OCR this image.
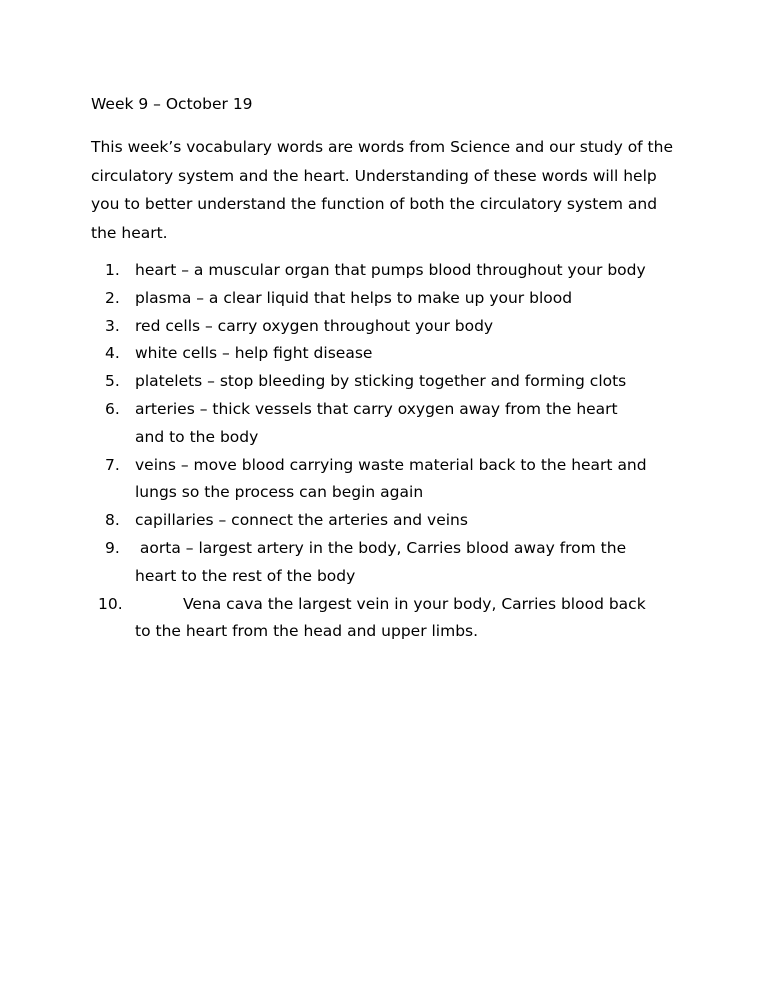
Week 9 – October 19
This week’s vocabulary words are words from Science and our study of the circulatory system and the heart. Understanding of these words will help you to better understand the function of both the circulatory system and the heart.
1. heart – a muscular organ that pumps blood throughout your body
2. plasma – a clear liquid that helps to make up your blood
3. red cells – carry oxygen throughout your body
4. white cells – help fight disease
5. platelets – stop bleeding by sticking together and forming clots
6. arteries – thick vessels that carry oxygen away from the heart
and to the body
7. veins – move blood carrying waste material back to the heart and
lungs so the process can begin again
8. capillaries – connect the arteries and veins
9. aorta – largest artery in the body, Carries blood away from the
heart to the rest of the body
10.	Vena cava the largest vein in your body, Carries blood back
to the heart from the head and upper limbs.
